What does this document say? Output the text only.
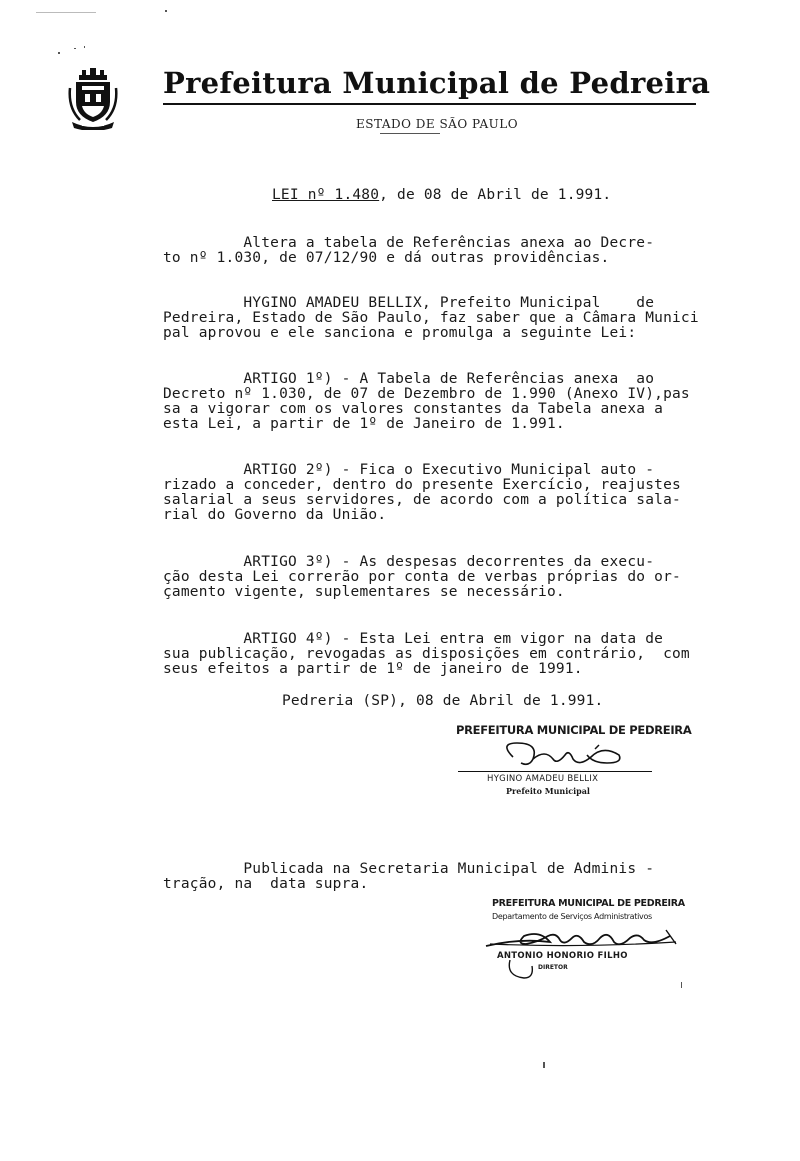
Prefeitura Municipal de Pedreira
ESTADO DE SÃO PAULO
LEI nº 1.480, de 08 de Abril de 1.991.
Altera a tabela de Referências anexa ao Decre-
to nº 1.030, de 07/12/90 e dá outras providências.
HYGINO AMADEU BELLIX, Prefeito Municipal    de
Pedreira, Estado de São Paulo, faz saber que a Câmara Munici
pal aprovou e ele sanciona e promulga a seguinte Lei:
ARTIGO 1º) - A Tabela de Referências anexa  ao
Decreto nº 1.030, de 07 de Dezembro de 1.990 (Anexo IV),pas
sa a vigorar com os valores constantes da Tabela anexa a
esta Lei, a partir de 1º de Janeiro de 1.991.
ARTIGO 2º) - Fica o Executivo Municipal auto -
rizado a conceder, dentro do presente Exercício, reajustes
salarial a seus servidores, de acordo com a política sala-
rial do Governo da União.
ARTIGO 3º) - As despesas decorrentes da execu-
ção desta Lei correrão por conta de verbas próprias do or-
çamento vigente, suplementares se necessário.
ARTIGO 4º) - Esta Lei entra em vigor na data de
sua publicação, revogadas as disposições em contrário,  com
seus efeitos a partir de 1º de janeiro de 1991.
Pedreria (SP), 08 de Abril de 1.991.
PREFEITURA MUNICIPAL DE PEDREIRA
HYGINO AMADEU BELLIX
Prefeito Municipal
Publicada na Secretaria Municipal de Adminis -
tração, na  data supra.
PREFEITURA MUNICIPAL DE PEDREIRA
Departamento de Serviços Administrativos
ANTONIO HONORIO FILHO
DIRETOR
